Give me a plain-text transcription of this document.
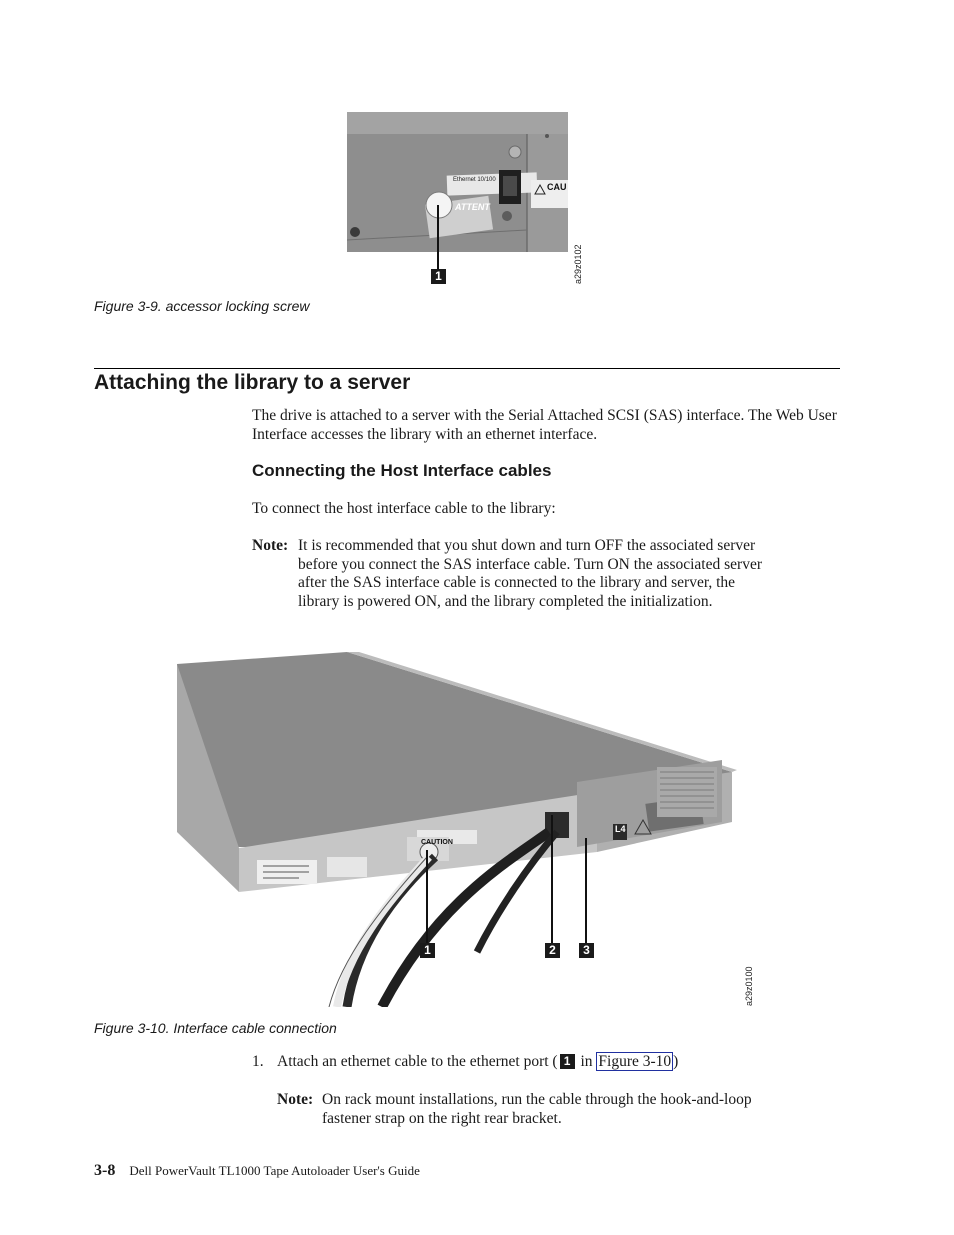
Ethernet 10/100
CAU
ATTENT
1	a29z0102
Figure 3-9. accessor locking screw
Attaching the library to a server
The drive is attached to a server with the Serial Attached SCSI (SAS) interface. The Web User Interface accesses the library with an ethernet interface.
Connecting the Host Interface cables
To connect the host interface cable to the library:
Note: It is recommended that you shut down and turn OFF the associated server
before you connect the SAS interface cable. Turn ON the associated server
after the SAS interface cable is connected to the library and server, the
library is powered ON, and the library completed the initialization.
CAUTION
L4
1	2	3
a29z0100
Figure 3-10. Interface cable connection
1. Attach an ethernet cable to the ethernet port ( 1 in Figure 3-10 )
Note: On rack mount installations, run the cable through the hook-and-loop
fastener strap on the right rear bracket.
3-8 Dell PowerVault TL1000 Tape Autoloader User's Guide
